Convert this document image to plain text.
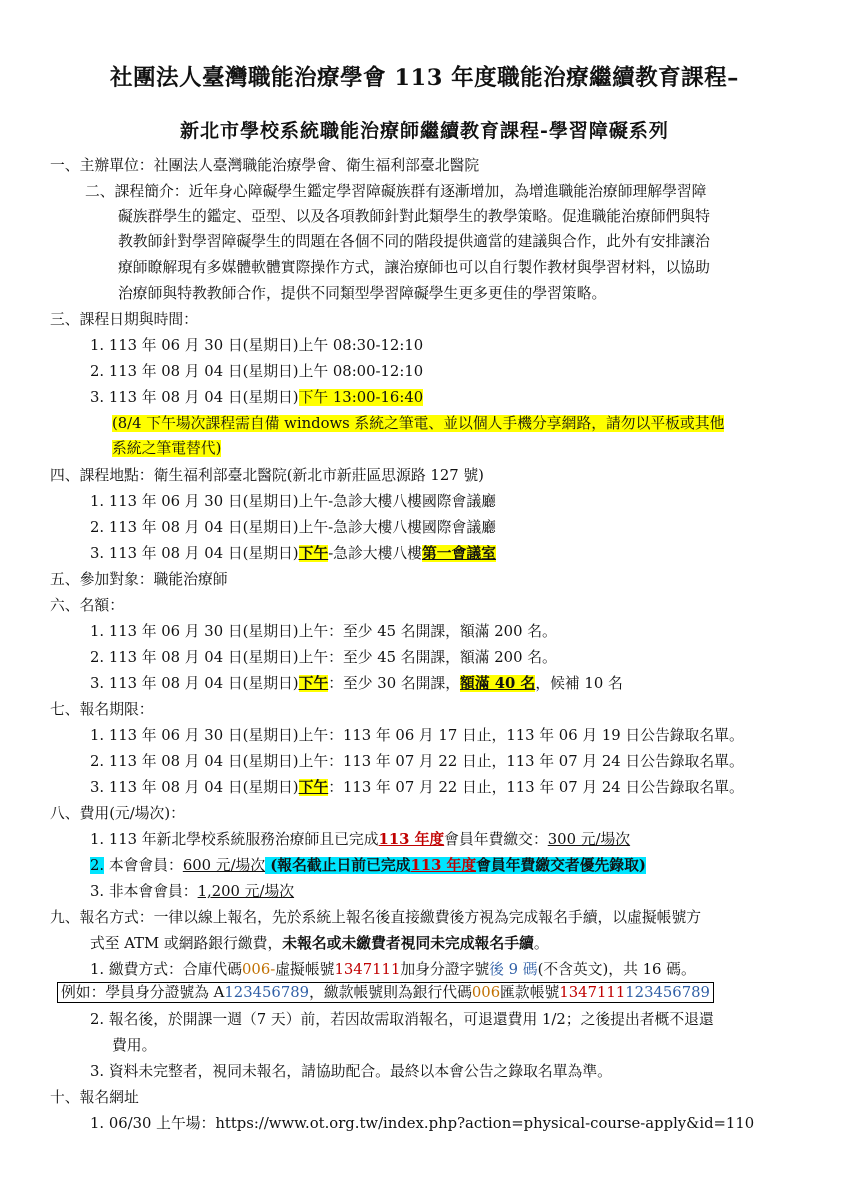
社團法人臺灣職能治療學會 113 年度職能治療繼續教育課程–
新北市學校系統職能治療師繼續教育課程-學習障礙系列
一、主辦單位：社團法人臺灣職能治療學會、衛生福利部臺北醫院
二、課程簡介：近年身心障礙學生鑑定學習障礙族群有逐漸增加，為增進職能治療師理解學習障
礙族群學生的鑑定、亞型、以及各項教師針對此類學生的教學策略。促進職能治療師們與特
教教師針對學習障礙學生的問題在各個不同的階段提供適當的建議與合作，此外有安排讓治
療師瞭解現有多媒體軟體實際操作方式，讓治療師也可以自行製作教材與學習材料，以協助
治療師與特教教師合作，提供不同類型學習障礙學生更多更佳的學習策略。
三、課程日期與時間：
1. 113 年 06 月 30 日(星期日)上午 08:30-12:10
2. 113 年 08 月 04 日(星期日)上午 08:00-12:10
3. 113 年 08 月 04 日(星期日)下午 13:00-16:40
(8/4 下午場次課程需自備 windows 系統之筆電、並以個人手機分享網路，請勿以平板或其他
系統之筆電替代)
四、課程地點：衛生福利部臺北醫院(新北市新莊區思源路 127 號)
1. 113 年 06 月 30 日(星期日)上午-急診大樓八樓國際會議廳
2. 113 年 08 月 04 日(星期日)上午-急診大樓八樓國際會議廳
3. 113 年 08 月 04 日(星期日)下午-急診大樓八樓第一會議室
五、參加對象：職能治療師
六、名額：
1. 113 年 06 月 30 日(星期日)上午：至少 45 名開課，額滿 200 名。
2. 113 年 08 月 04 日(星期日)上午：至少 45 名開課，額滿 200 名。
3. 113 年 08 月 04 日(星期日)下午：至少 30 名開課，額滿 40 名，候補 10 名
七、報名期限：
1. 113 年 06 月 30 日(星期日)上午：113 年 06 月 17 日止，113 年 06 月 19 日公告錄取名單。
2. 113 年 08 月 04 日(星期日)上午：113 年 07 月 22 日止，113 年 07 月 24 日公告錄取名單。
3. 113 年 08 月 04 日(星期日)下午：113 年 07 月 22 日止，113 年 07 月 24 日公告錄取名單。
八、費用(元/場次)：
1. 113 年新北學校系統服務治療師且已完成113 年度會員年費繳交：300 元/場次
2. 本會會員：600 元/場次 (報名截止日前已完成113 年度會員年費繳交者優先錄取)
3. 非本會會員：1,200 元/場次
九、報名方式：一律以線上報名，先於系統上報名後直接繳費後方視為完成報名手續，以虛擬帳號方
式至 ATM 或網路銀行繳費，未報名或未繳費者視同未完成報名手續。
1. 繳費方式：合庫代碼006-虛擬帳號1347111加身分證字號後 9 碼(不含英文)，共 16 碼。
例如：學員身分證號為 A123456789，繳款帳號則為銀行代碼006匯款帳號1347111123456789
2. 報名後，於開課一週（7 天）前，若因故需取消報名，可退還費用 1/2；之後提出者概不退還
費用。
3. 資料未完整者，視同未報名，請協助配合。最終以本會公告之錄取名單為準。
十、報名網址
1. 06/30 上午場：https://www.ot.org.tw/index.php?action=physical-course-apply&id=110
